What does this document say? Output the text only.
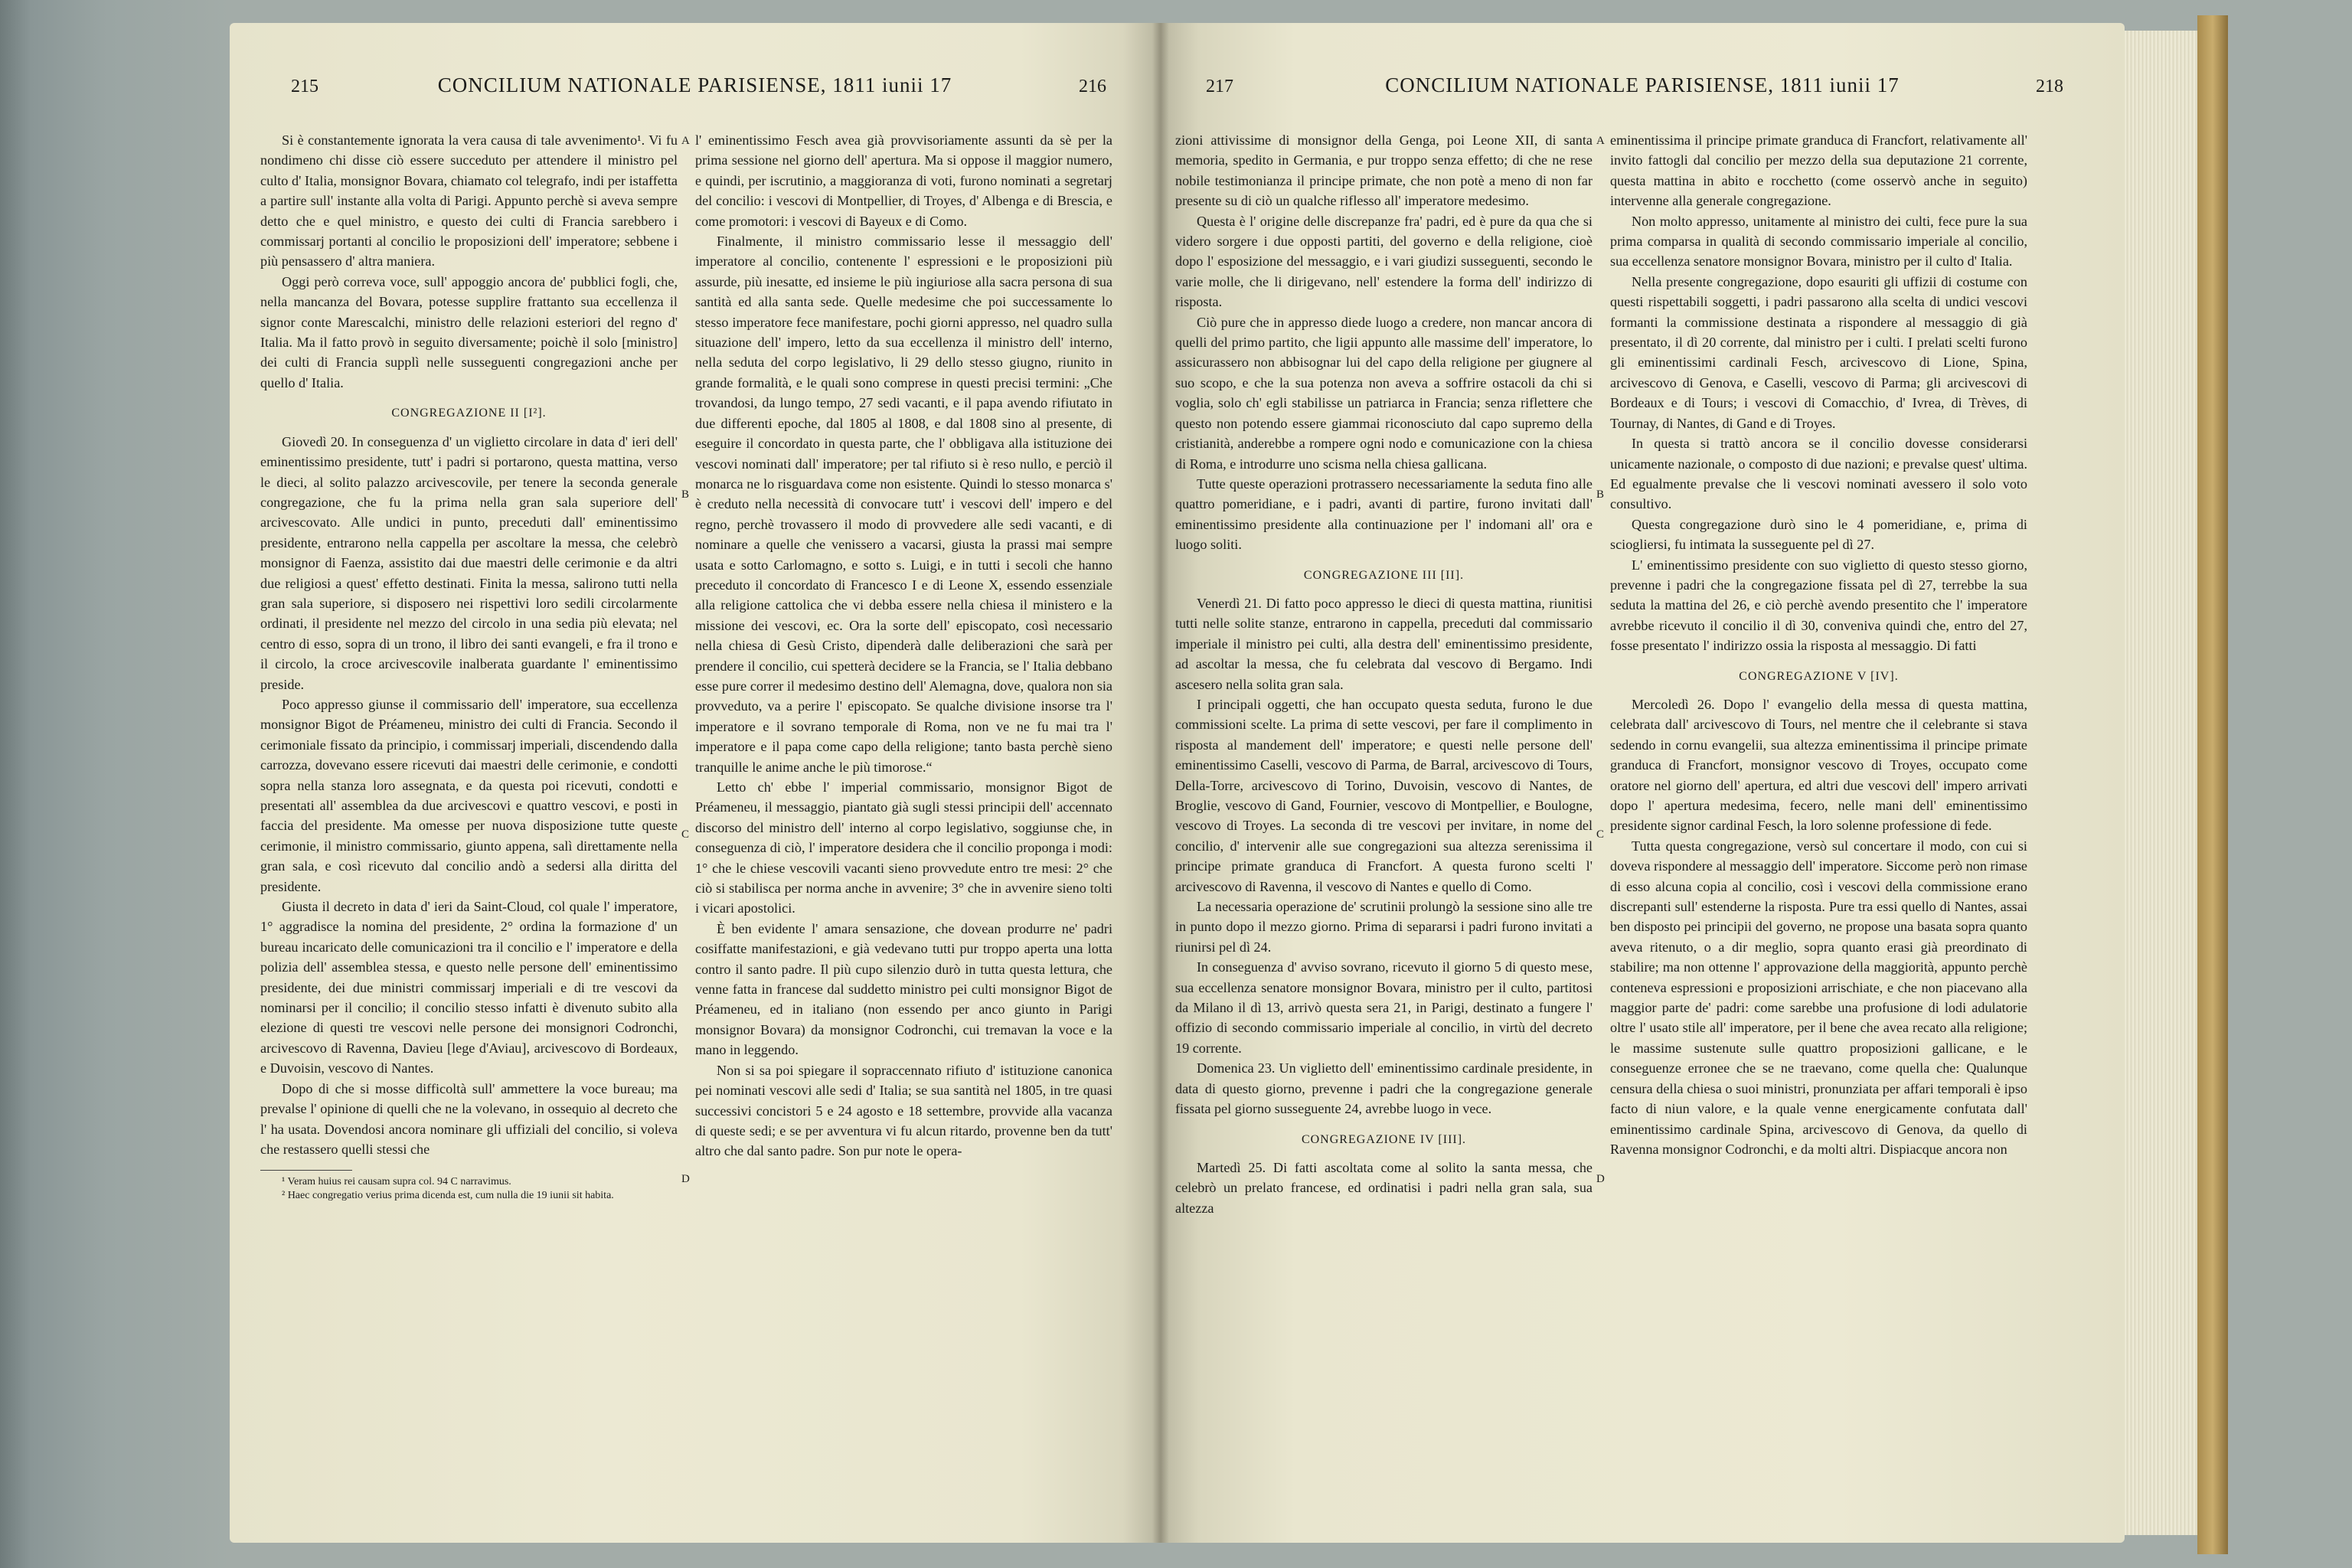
215	CONCILIUM NATIONALE PARISIENSE, 1811 iunii 17	216

Si è constantemente ignorata la vera causa di tale avvenimento¹. Vi fu nondimeno chi disse ciò essere succeduto per attendere il ministro pel culto d' Italia, monsignor Bovara, chiamato col telegrafo, indi per istaffetta a partire sull' instante alla volta di Parigi. Appunto perchè si aveva sempre detto che e quel ministro, e questo dei culti di Francia sarebbero i commissarj portanti al concilio le proposizioni dell' imperatore; sebbene i più pensassero d' altra maniera.

Oggi però correva voce, sull' appoggio ancora de' pubblici fogli, che, nella mancanza del Bovara, potesse supplire frattanto sua eccellenza il signor conte Marescalchi, ministro delle relazioni esteriori del regno d' Italia. Ma il fatto provò in seguito diversamente; poichè il solo [ministro] dei culti di Francia supplì nelle susseguenti congregazioni anche per quello d' Italia.

CONGREGAZIONE II [I²].

Giovedì 20. In conseguenza d' un viglietto circolare in data d' ieri dell' eminentissimo presidente, tutt' i padri si portarono, questa mattina, verso le dieci, al solito palazzo arcivescovile, per tenere la seconda generale congregazione, che fu la prima nella gran sala superiore dell' arcivescovato. Alle undici in punto, preceduti dall' eminentissimo presidente, entrarono nella cappella per ascoltare la messa, che celebrò monsignor di Faenza, assistito dai due maestri delle cerimonie e da altri due religiosi a quest' effetto destinati. Finita la messa, salirono tutti nella gran sala superiore, si disposero nei rispettivi loro sedili circolarmente ordinati, il presidente nel mezzo del circolo in una sedia più elevata; nel centro di esso, sopra di un trono, il libro dei santi evangeli, e fra il trono e il circolo, la croce arcivescovile inalberata guardante l' eminentissimo preside.

Poco appresso giunse il commissario dell' imperatore, sua eccellenza monsignor Bigot de Préameneu, ministro dei culti di Francia. Secondo il cerimoniale fissato da principio, i commissarj imperiali, discendendo dalla carrozza, dovevano essere ricevuti dai maestri delle cerimonie, e condotti sopra nella stanza loro assegnata, e da questa poi ricevuti, condotti e presentati all' assemblea da due arcivescovi e quattro vescovi, e posti in faccia del presidente. Ma omesse per nuova disposizione tutte queste cerimonie, il ministro commissario, giunto appena, salì direttamente nella gran sala, e così ricevuto dal concilio andò a sedersi alla diritta del presidente.

Giusta il decreto in data d' ieri da Saint-Cloud, col quale l' imperatore, 1° aggradisce la nomina del presidente, 2° ordina la formazione d' un bureau incaricato delle comunicazioni tra il concilio e l' imperatore e della polizia dell' assemblea stessa, e questo nelle persone dell' eminentissimo presidente, dei due ministri commissarj imperiali e di tre vescovi da nominarsi per il concilio; il concilio stesso infatti è divenuto subito alla elezione di questi tre vescovi nelle persone dei monsignori Codronchi, arcivescovo di Ravenna, Davieu [lege d'Aviau], arcivescovo di Bordeaux, e Duvoisin, vescovo di Nantes.

Dopo di che si mosse difficoltà sull' ammettere la voce bureau; ma prevalse l' opinione di quelli che ne la volevano, in ossequio al decreto che l' ha usata. Dovendosi ancora nominare gli uffiziali del concilio, si voleva che restassero quelli stessi che

¹ Veram huius rei causam supra col. 94 C narravimus.

² Haec congregatio verius prima dicenda est, cum nulla die 19 iunii sit habita.

A
B
C
D

l' eminentissimo Fesch avea già provvisoriamente assunti da sè per la prima sessione nel giorno dell' apertura. Ma si oppose il maggior numero, e quindi, per iscrutinio, a maggioranza di voti, furono nominati a segretarj del concilio: i vescovi di Montpellier, di Troyes, d' Albenga e di Brescia, e come promotori: i vescovi di Bayeux e di Como.

Finalmente, il ministro commissario lesse il messaggio dell' imperatore al concilio, contenente l' espressioni e le proposizioni più assurde, più inesatte, ed insieme le più ingiuriose alla sacra persona di sua santità ed alla santa sede. Quelle medesime che poi successamente lo stesso imperatore fece manifestare, pochi giorni appresso, nel quadro sulla situazione dell' impero, letto da sua eccellenza il ministro dell' interno, nella seduta del corpo legislativo, li 29 dello stesso giugno, riunito in grande formalità, e le quali sono comprese in questi precisi termini: „Che trovandosi, da lungo tempo, 27 sedi vacanti, e il papa avendo rifiutato in due differenti epoche, dal 1805 al 1808, e dal 1808 sino al presente, di eseguire il concordato in questa parte, che l' obbligava alla istituzione dei vescovi nominati dall' imperatore; per tal rifiuto si è reso nullo, e perciò il monarca ne lo risguardava come non esistente. Quindi lo stesso monarca s' è creduto nella necessità di convocare tutt' i vescovi dell' impero e del regno, perchè trovassero il modo di provvedere alle sedi vacanti, e di nominare a quelle che venissero a vacarsi, giusta la prassi mai sempre usata e sotto Carlomagno, e sotto s. Luigi, e in tutti i secoli che hanno preceduto il concordato di Francesco I e di Leone X, essendo essenziale alla religione cattolica che vi debba essere nella chiesa il ministero e la missione dei vescovi, ec. Ora la sorte dell' episcopato, così necessario nella chiesa di Gesù Cristo, dipenderà dalle deliberazioni che sarà per prendere il concilio, cui spetterà decidere se la Francia, se l' Italia debbano esse pure correr il medesimo destino dell' Alemagna, dove, qualora non sia provveduto, va a perire l' episcopato. Se qualche divisione insorse tra l' imperatore e il sovrano temporale di Roma, non ve ne fu mai tra l' imperatore e il papa come capo della religione; tanto basta perchè sieno tranquille le anime anche le più timorose.“

Letto ch' ebbe l' imperial commissario, monsignor Bigot de Préameneu, il messaggio, piantato già sugli stessi principii dell' accennato discorso del ministro dell' interno al corpo legislativo, soggiunse che, in conseguenza di ciò, l' imperatore desidera che il concilio proponga i modi: 1° che le chiese vescovili vacanti sieno provvedute entro tre mesi: 2° che ciò si stabilisca per norma anche in avvenire; 3° che in avvenire sieno tolti i vicari apostolici.

È ben evidente l' amara sensazione, che dovean produrre ne' padri cosiffatte manifestazioni, e già vedevano tutti pur troppo aperta una lotta contro il santo padre. Il più cupo silenzio durò in tutta questa lettura, che venne fatta in francese dal suddetto ministro pei culti monsignor Bigot de Préameneu, ed in italiano (non essendo per anco giunto in Parigi monsignor Bovara) da monsignor Codronchi, cui tremavan la voce e la mano in leggendo.

Non si sa poi spiegare il sopraccennato rifiuto d' istituzione canonica pei nominati vescovi alle sedi d' Italia; se sua santità nel 1805, in tre quasi successivi concistori 5 e 24 agosto e 18 settembre, provvide alla vacanza di queste sedi; e se per avventura vi fu alcun ritardo, provenne ben da tutt' altro che dal santo padre. Son pur note le opera-

217	CONCILIUM NATIONALE PARISIENSE, 1811 iunii 17	218

zioni attivissime di monsignor della Genga, poi Leone XII, di santa memoria, spedito in Germania, e pur troppo senza effetto; di che ne rese nobile testimonianza il principe primate, che non potè a meno di non far presente su di ciò un qualche riflesso all' imperatore medesimo.

Questa è l' origine delle discrepanze fra' padri, ed è pure da qua che si videro sorgere i due opposti partiti, del governo e della religione, cioè dopo l' esposizione del messaggio, e i vari giudizi susseguenti, secondo le varie molle, che li dirigevano, nell' estendere la forma dell' indirizzo di risposta.

Ciò pure che in appresso diede luogo a credere, non mancar ancora di quelli del primo partito, che ligii appunto alle massime dell' imperatore, lo assicurassero non abbisognar lui del capo della religione per giugnere al suo scopo, e che la sua potenza non aveva a soffrire ostacoli da chi si voglia, solo ch' egli stabilisse un patriarca in Francia; senza riflettere che questo non potendo essere giammai riconosciuto dal capo supremo della cristianità, anderebbe a rompere ogni nodo e comunicazione con la chiesa di Roma, e introdurre uno scisma nella chiesa gallicana.

Tutte queste operazioni protrassero necessariamente la seduta fino alle quattro pomeridiane, e i padri, avanti di partire, furono invitati dall' eminentissimo presidente alla continuazione per l' indomani all' ora e luogo soliti.

CONGREGAZIONE III [II].

Venerdì 21. Di fatto poco appresso le dieci di questa mattina, riunitisi tutti nelle solite stanze, entrarono in cappella, preceduti dal commissario imperiale il ministro pei culti, alla destra dell' eminentissimo presidente, ad ascoltar la messa, che fu celebrata dal vescovo di Bergamo. Indi ascesero nella solita gran sala.

I principali oggetti, che han occupato questa seduta, furono le due commissioni scelte. La prima di sette vescovi, per fare il complimento in risposta al mandement dell' imperatore; e questi nelle persone dell' eminentissimo Caselli, vescovo di Parma, de Barral, arcivescovo di Tours, Della-Torre, arcivescovo di Torino, Duvoisin, vescovo di Nantes, de Broglie, vescovo di Gand, Fournier, vescovo di Montpellier, e Boulogne, vescovo di Troyes. La seconda di tre vescovi per invitare, in nome del concilio, d' intervenir alle sue congregazioni sua altezza serenissima il principe primate granduca di Francfort. A questa furono scelti l' arcivescovo di Ravenna, il vescovo di Nantes e quello di Como.

La necessaria operazione de' scrutinii prolungò la sessione sino alle tre in punto dopo il mezzo giorno. Prima di separarsi i padri furono invitati a riunirsi pel dì 24.

In conseguenza d' avviso sovrano, ricevuto il giorno 5 di questo mese, sua eccellenza senatore monsignor Bovara, ministro per il culto, partitosi da Milano il dì 13, arrivò questa sera 21, in Parigi, destinato a fungere l' offizio di secondo commissario imperiale al concilio, in virtù del decreto 19 corrente.

Domenica 23. Un viglietto dell' eminentissimo cardinale presidente, in data di questo giorno, prevenne i padri che la congregazione generale fissata pel giorno susseguente 24, avrebbe luogo in vece.

CONGREGAZIONE IV [III].

Martedì 25. Di fatti ascoltata come al solito la santa messa, che celebrò un prelato francese, ed ordinatisi i padri nella gran sala, sua altezza

A
B
C
D

eminentissima il principe primate granduca di Francfort, relativamente all' invito fattogli dal concilio per mezzo della sua deputazione 21 corrente, questa mattina in abito e rocchetto (come osservò anche in seguito) intervenne alla generale congregazione.

Non molto appresso, unitamente al ministro dei culti, fece pure la sua prima comparsa in qualità di secondo commissario imperiale al concilio, sua eccellenza senatore monsignor Bovara, ministro per il culto d' Italia.

Nella presente congregazione, dopo esauriti gli uffizii di costume con questi rispettabili soggetti, i padri passarono alla scelta di undici vescovi formanti la commissione destinata a rispondere al messaggio di già presentato, il dì 20 corrente, dal ministro per i culti. I prelati scelti furono gli eminentissimi cardinali Fesch, arcivescovo di Lione, Spina, arcivescovo di Genova, e Caselli, vescovo di Parma; gli arcivescovi di Bordeaux e di Tours; i vescovi di Comacchio, d' Ivrea, di Trèves, di Tournay, di Nantes, di Gand e di Troyes.

In questa si trattò ancora se il concilio dovesse considerarsi unicamente nazionale, o composto di due nazioni; e prevalse quest' ultima. Ed egualmente prevalse che li vescovi nominati avessero il solo voto consultivo.

Questa congregazione durò sino le 4 pomeridiane, e, prima di sciogliersi, fu intimata la susseguente pel dì 27.

L' eminentissimo presidente con suo viglietto di questo stesso giorno, prevenne i padri che la congregazione fissata pel dì 27, terrebbe la sua seduta la mattina del 26, e ciò perchè avendo presentito che l' imperatore avrebbe ricevuto il concilio il dì 30, conveniva quindi che, entro del 27, fosse presentato l' indirizzo ossia la risposta al messaggio. Di fatti

CONGREGAZIONE V [IV].

Mercoledì 26. Dopo l' evangelio della messa di questa mattina, celebrata dall' arcivescovo di Tours, nel mentre che il celebrante si stava sedendo in cornu evangelii, sua altezza eminentissima il principe primate granduca di Francfort, monsignor vescovo di Troyes, occupato come oratore nel giorno dell' apertura, ed altri due vescovi dell' impero arrivati dopo l' apertura medesima, fecero, nelle mani dell' eminentissimo presidente signor cardinal Fesch, la loro solenne professione di fede.

Tutta questa congregazione, versò sul concertare il modo, con cui si doveva rispondere al messaggio dell' imperatore. Siccome però non rimase di esso alcuna copia al concilio, così i vescovi della commissione erano discrepanti sull' estenderne la risposta. Pure tra essi quello di Nantes, assai ben disposto pei principii del governo, ne propose una basata sopra quanto aveva ritenuto, o a dir meglio, sopra quanto erasi già preordinato di stabilire; ma non ottenne l' approvazione della maggiorità, appunto perchè conteneva espressioni e proposizioni arrischiate, e che non piacevano alla maggior parte de' padri: come sarebbe una profusione di lodi adulatorie oltre l' usato stile all' imperatore, per il bene che avea recato alla religione; le massime sustenute sulle quattro proposizioni gallicane, e le conseguenze erronee che se ne traevano, come quella che: Qualunque censura della chiesa o suoi ministri, pronunziata per affari temporali è ipso facto di niun valore, e la quale venne energicamente confutata dall' eminentissimo cardinale Spina, arcivescovo di Genova, da quello di Ravenna monsignor Codronchi, e da molti altri. Dispiacque ancora non
